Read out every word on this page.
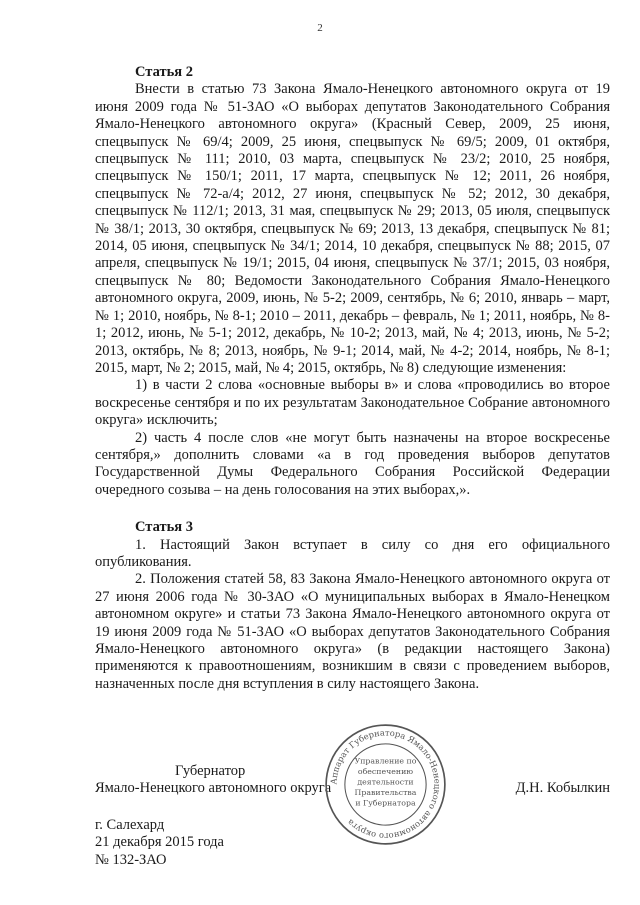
2
Статья 2

Внести в статью 73 Закона Ямало-Ненецкого автономного округа от 19 июня 2009 года № 51-ЗАО «О выборах депутатов Законодательного Собрания Ямало-Ненецкого автономного округа» (Красный Север, 2009, 25 июня, спецвыпуск № 69/4; 2009, 25 июня, спецвыпуск № 69/5; 2009, 01 октября, спецвыпуск № 111; 2010, 03 марта, спецвыпуск № 23/2; 2010, 25 ноября, спецвыпуск № 150/1; 2011, 17 марта, спецвыпуск № 12; 2011, 26 ноября, спецвыпуск № 72-а/4; 2012, 27 июня, спецвыпуск № 52; 2012, 30 декабря, спецвыпуск № 112/1; 2013, 31 мая, спецвыпуск № 29; 2013, 05 июля, спецвыпуск № 38/1; 2013, 30 октября, спецвыпуск № 69; 2013, 13 декабря, спецвыпуск № 81; 2014, 05 июня, спецвыпуск № 34/1; 2014, 10 декабря, спецвыпуск № 88; 2015, 07 апреля, спецвыпуск № 19/1; 2015, 04 июня, спецвыпуск № 37/1; 2015, 03 ноября, спецвыпуск № 80; Ведомости Законодательного Собрания Ямало-Ненецкого автономного округа, 2009, июнь, № 5-2; 2009, сентябрь, № 6; 2010, январь – март, № 1; 2010, ноябрь, № 8-1; 2010 – 2011, декабрь – февраль, № 1; 2011, ноябрь, № 8-1; 2012, июнь, № 5-1; 2012, декабрь, № 10-2; 2013, май, № 4; 2013, июнь, № 5-2; 2013, октябрь, № 8; 2013, ноябрь, № 9-1; 2014, май, № 4-2; 2014, ноябрь, № 8-1; 2015, март, № 2; 2015, май, № 4; 2015, октябрь, № 8) следующие изменения:

1) в части 2 слова «основные выборы в» и слова «проводились во второе воскресенье сентября и по их результатам Законодательное Собрание автономного округа» исключить;

2) часть 4 после слов «не могут быть назначены на второе воскресенье сентября,» дополнить словами «а в год проведения выборов депутатов Государственной Думы Федерального Собрания Российской Федерации очередного созыва – на день голосования на этих выборах,».

Статья 3

1. Настоящий Закон вступает в силу со дня его официального опубликования.

2. Положения статей 58, 83 Закона Ямало-Ненецкого автономного округа от 27 июня 2006 года № 30-ЗАО «О муниципальных выборах в Ямало-Ненецком автономном округе» и статьи 73 Закона Ямало-Ненецкого автономного округа от 19 июня 2009 года № 51-ЗАО «О выборах депутатов Законодательного Собрания Ямало-Ненецкого автономного округа» (в редакции настоящего Закона) применяются к правоотношениям, возникшим в связи с проведением выборов, назначенных после дня вступления в силу настоящего Закона.

Губернатор
Ямало-Ненецкого автономного округа	Д.Н. Кобылкин
г. Салехард
21 декабря 2015 года
№ 132-ЗАО
Аппарат Губернатора Ямало-Ненецкого автономного округа
Управление по
обеспечению
деятельности
Правительства
и Губернатора
